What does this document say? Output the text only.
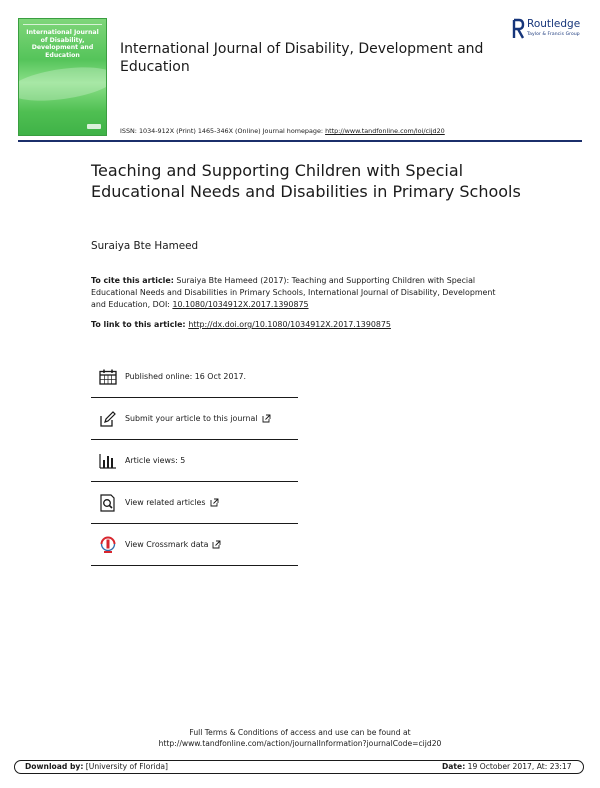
International Journal of Disability, Development and Education
Routledge
Taylor & Francis Group
International Journal of Disability, Development and Education
ISSN: 1034-912X (Print) 1465-346X (Online) Journal homepage: http://www.tandfonline.com/loi/cijd20
Teaching and Supporting Children with Special Educational Needs and Disabilities in Primary Schools
Suraiya Bte Hameed
To cite this article: Suraiya Bte Hameed (2017): Teaching and Supporting Children with Special Educational Needs and Disabilities in Primary Schools, International Journal of Disability, Development and Education, DOI: 10.1080/1034912X.2017.1390875
To link to this article: http://dx.doi.org/10.1080/1034912X.2017.1390875
Published online: 16 Oct 2017.
Submit your article to this journal
Article views: 5
View related articles
View Crossmark data
Full Terms & Conditions of access and use can be found at
http://www.tandfonline.com/action/journalInformation?journalCode=cijd20
Download by: [University of Florida]	Date: 19 October 2017, At: 23:17
